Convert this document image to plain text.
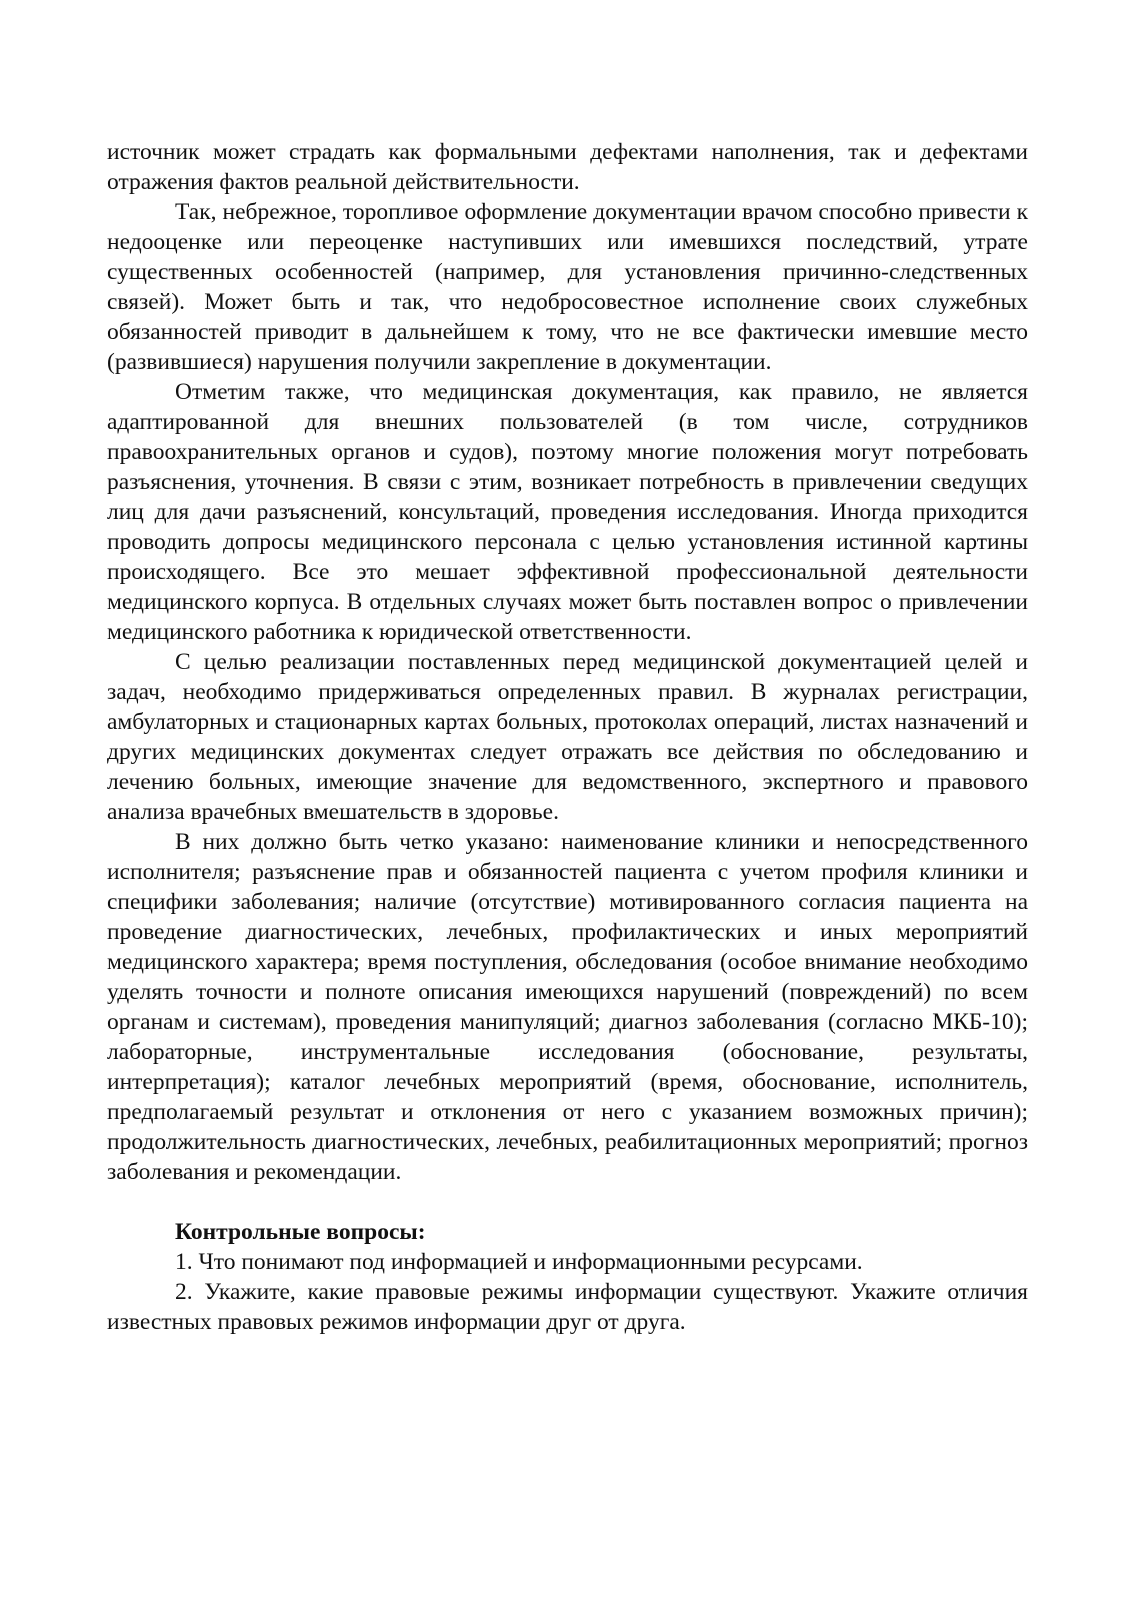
источник может страдать как формальными дефектами наполнения, так и дефектами отражения фактов реальной действительности.

Так, небрежное, торопливое оформление документации врачом способно привести к недооценке или переоценке наступивших или имевшихся последствий, утрате существенных особенностей (например, для установления причинно-следственных связей). Может быть и так, что недобросовестное исполнение своих служебных обязанностей приводит в дальнейшем к тому, что не все фактически имевшие место (развившиеся) нарушения получили закрепление в документации.

Отметим также, что медицинская документация, как правило, не является адаптированной для внешних пользователей (в том числе, сотрудников правоохранительных органов и судов), поэтому многие положения могут потребовать разъяснения, уточнения. В связи с этим, возникает потребность в привлечении сведущих лиц для дачи разъяснений, консультаций, проведения исследования. Иногда приходится проводить допросы медицинского персонала с целью установления истинной картины происходящего. Все это мешает эффективной профессиональной деятельности медицинского корпуса. В отдельных случаях может быть поставлен вопрос о привлечении медицинского работника к юридической ответственности.

С целью реализации поставленных перед медицинской документацией целей и задач, необходимо придерживаться определенных правил. В журналах регистрации, амбулаторных и стационарных картах больных, протоколах операций, листах назначений и других медицинских документах следует отражать все действия по обследованию и лечению больных, имеющие значение для ведомственного, экспертного и правового анализа врачебных вмешательств в здоровье.

В них должно быть четко указано: наименование клиники и непосредственного исполнителя; разъяснение прав и обязанностей пациента с учетом профиля клиники и специфики заболевания; наличие (отсутствие) мотивированного согласия пациента на проведение диагностических, лечебных, профилактических и иных мероприятий медицинского характера; время поступления, обследования (особое внимание необходимо уделять точности и полноте описания имеющихся нарушений (повреждений) по всем органам и системам), проведения манипуляций; диагноз заболевания (согласно МКБ-10); лабораторные, инструментальные исследования (обоснование, результаты, интерпретация); каталог лечебных мероприятий (время, обоснование, исполнитель, предполагаемый результат и отклонения от него с указанием возможных причин); продолжительность диагностических, лечебных, реабилитационных мероприятий; прогноз заболевания и рекомендации.

Контрольные вопросы:

1. Что понимают под информацией и информационными ресурсами.

2. Укажите, какие правовые режимы информации существуют. Укажите отличия известных правовых режимов информации друг от друга.
